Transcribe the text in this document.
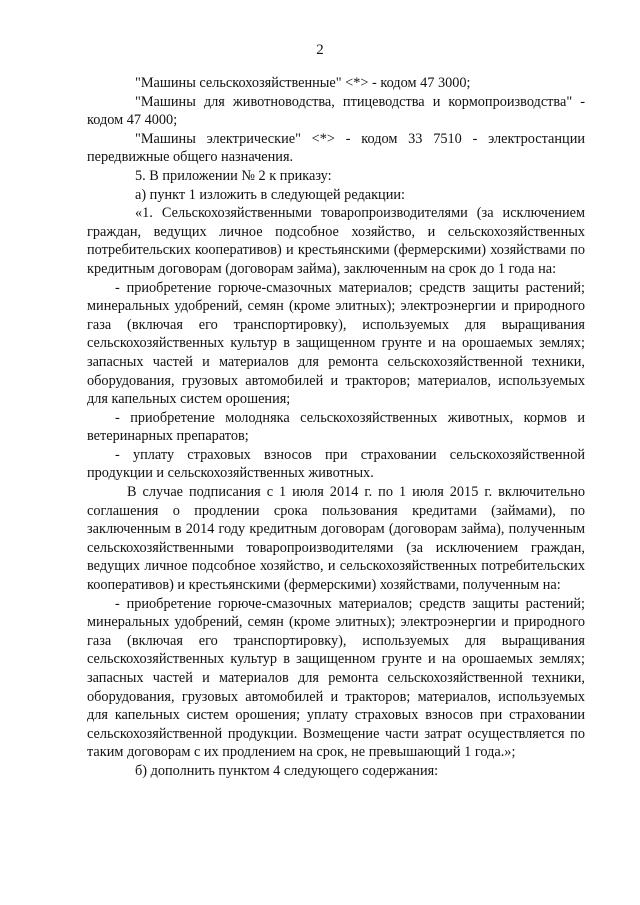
2

"Машины сельскохозяйственные" <*> - кодом 47 3000;

"Машины для животноводства, птицеводства и кормопроизводства" - кодом 47 4000;

"Машины электрические" <*> - кодом 33 7510 - электростанции передвижные общего назначения.

5. В приложении № 2 к приказу:

а) пункт 1 изложить в следующей редакции:

«1. Сельскохозяйственными товаропроизводителями (за исключением граждан, ведущих личное подсобное хозяйство, и сельскохозяйственных потребительских кооперативов) и крестьянскими (фермерскими) хозяйствами по кредитным договорам (договорам займа), заключенным на срок до 1 года на:

- приобретение горюче-смазочных материалов; средств защиты растений; минеральных удобрений, семян (кроме элитных); электроэнергии и природного газа (включая его транспортировку), используемых для выращивания сельскохозяйственных культур в защищенном грунте и на орошаемых землях; запасных частей и материалов для ремонта сельскохозяйственной техники, оборудования, грузовых автомобилей и тракторов; материалов, используемых для капельных систем орошения;

- приобретение молодняка сельскохозяйственных животных, кормов и ветеринарных препаратов;

- уплату страховых взносов при страховании сельскохозяйственной продукции и сельскохозяйственных животных.

В случае подписания с 1 июля 2014 г. по 1 июля 2015 г. включительно соглашения о продлении срока пользования кредитами (займами), по заключенным в 2014 году кредитным договорам (договорам займа), полученным сельскохозяйственными товаропроизводителями (за исключением граждан, ведущих личное подсобное хозяйство, и сельскохозяйственных потребительских кооперативов) и крестьянскими (фермерскими) хозяйствами, полученным на:

- приобретение горюче-смазочных материалов; средств защиты растений; минеральных удобрений, семян (кроме элитных); электроэнергии и природного газа (включая его транспортировку), используемых для выращивания сельскохозяйственных культур в защищенном грунте и на орошаемых землях; запасных частей и материалов для ремонта сельскохозяйственной техники, оборудования, грузовых автомобилей и тракторов; материалов, используемых для капельных систем орошения; уплату страховых взносов при страховании сельскохозяйственной продукции. Возмещение части затрат осуществляется по таким договорам с их продлением на срок, не превышающий 1 года.»;

б) дополнить пунктом 4 следующего содержания:
